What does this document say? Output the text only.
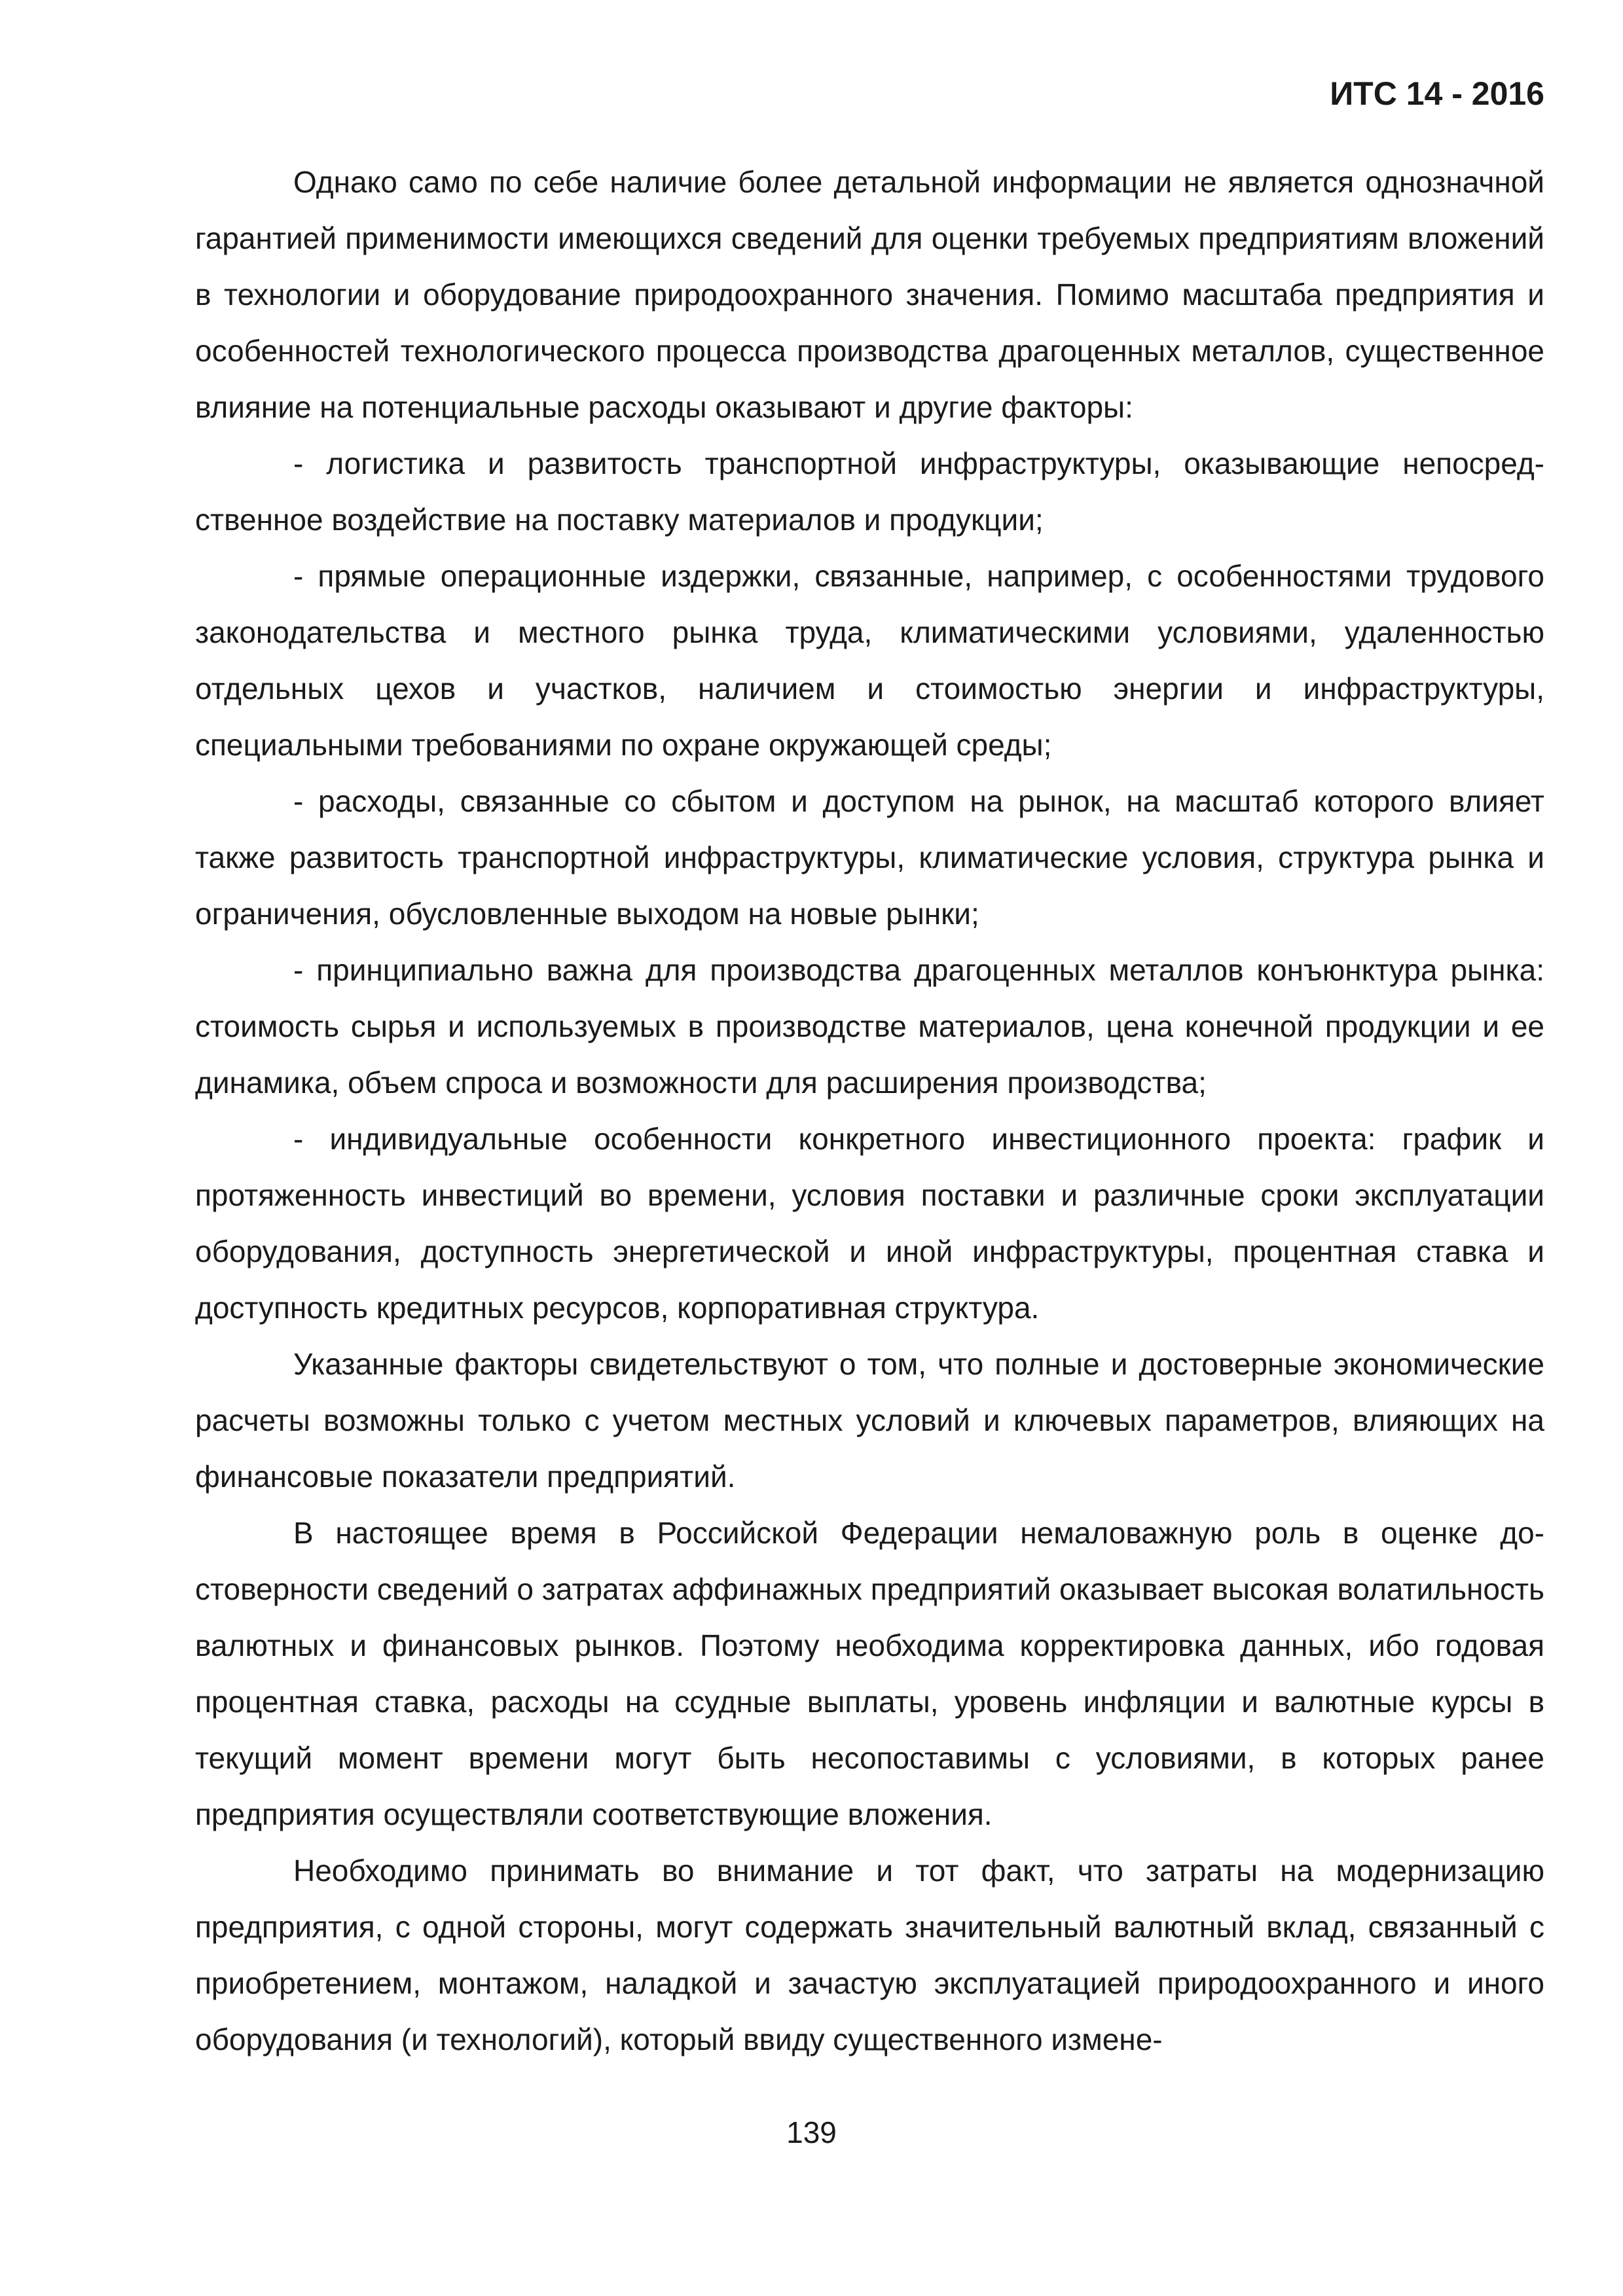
ИТС 14 - 2016

Однако само по себе наличие более детальной информации не является однозначной гарантией применимости имеющихся сведений для оценки требуемых предприятиям вложений в технологии и оборудование природоохранного значения. Помимо масштаба предприятия и особенностей технологического процесса производства драгоценных металлов, существенное влияние на потенциальные расходы оказывают и другие факторы:

- логистика и развитость транспортной инфраструктуры, оказывающие непосредственное воздействие на поставку материалов и продукции;

- прямые операционные издержки, связанные, например, с особенностями трудового законодательства и местного рынка труда, климатическими условиями, удаленностью отдельных цехов и участков, наличием и стоимостью энергии и инфраструктуры, специальными требованиями по охране окружающей среды;

- расходы, связанные со сбытом и доступом на рынок, на масштаб которого влияет также развитость транспортной инфраструктуры, климатические условия, структура рынка и ограничения, обусловленные выходом на новые рынки;

- принципиально важна для производства драгоценных металлов конъюнктура рынка: стоимость сырья и используемых в производстве материалов, цена конечной продукции и ее динамика, объем спроса и возможности для расширения производства;

- индивидуальные особенности конкретного инвестиционного проекта: график и протяженность инвестиций во времени, условия поставки и различные сроки эксплуатации оборудования, доступность энергетической и иной инфраструктуры, процентная ставка и доступность кредитных ресурсов, корпоративная структура.

Указанные факторы свидетельствуют о том, что полные и достоверные экономические расчеты возможны только с учетом местных условий и ключевых параметров, влияющих на финансовые показатели предприятий.

В настоящее время в Российской Федерации немаловажную роль в оценке достоверности сведений о затратах аффинажных предприятий оказывает высокая волатильность валютных и финансовых рынков. Поэтому необходима корректировка данных, ибо годовая процентная ставка, расходы на ссудные выплаты, уровень инфляции и валютные курсы в текущий момент времени могут быть несопоставимы с условиями, в которых ранее предприятия осуществляли соответствующие вложения.

Необходимо принимать во внимание и тот факт, что затраты на модернизацию предприятия, с одной стороны, могут содержать значительный валютный вклад, связанный с приобретением, монтажом, наладкой и зачастую эксплуатацией природоохранного и иного оборудования (и технологий), который ввиду существенного измене-

139
